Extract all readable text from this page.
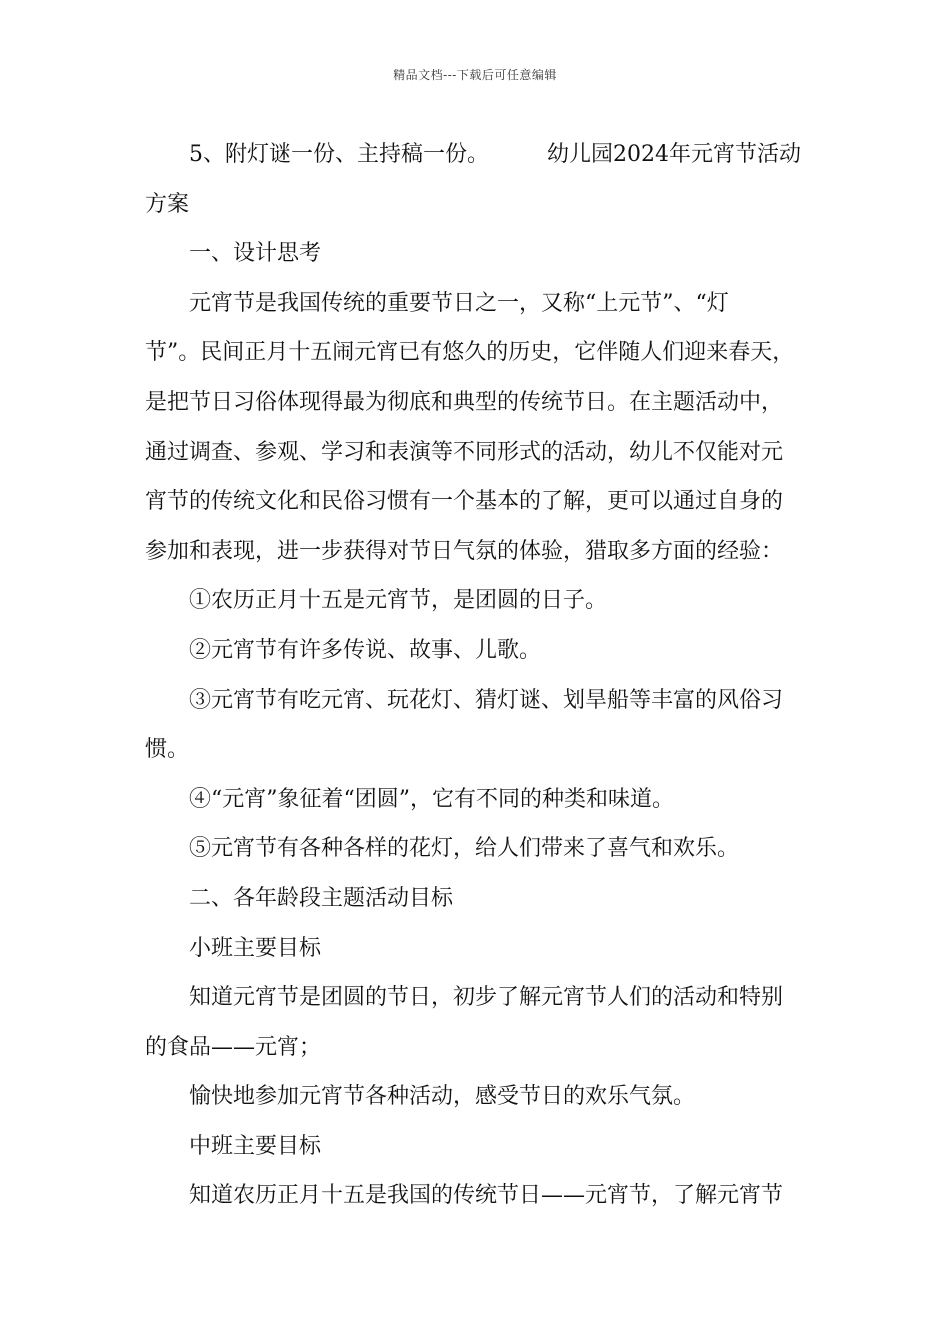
精品文档---下载后可任意编辑
5、附灯谜一份、主持稿一份。	幼儿园2024年元宵节活动
方案
一、设计思考
元宵节是我国传统的重要节日之一，又称“上元节”、“灯
节”。民间正月十五闹元宵已有悠久的历史，它伴随人们迎来春天，
是把节日习俗体现得最为彻底和典型的传统节日。在主题活动中，
通过调查、参观、学习和表演等不同形式的活动，幼儿不仅能对元
宵节的传统文化和民俗习惯有一个基本的了解，更可以通过自身的
参加和表现，进一步获得对节日气氛的体验，猎取多方面的经验：
①农历正月十五是元宵节，是团圆的日子。
②元宵节有许多传说、故事、儿歌。
③元宵节有吃元宵、玩花灯、猜灯谜、划旱船等丰富的风俗习
惯。
④“元宵”象征着“团圆”，它有不同的种类和味道。
⑤元宵节有各种各样的花灯，给人们带来了喜气和欢乐。
二、各年龄段主题活动目标
小班主要目标
知道元宵节是团圆的节日，初步了解元宵节人们的活动和特别
的食品——元宵；
愉快地参加元宵节各种活动，感受节日的欢乐气氛。
中班主要目标
知道农历正月十五是我国的传统节日——元宵节，了解元宵节
